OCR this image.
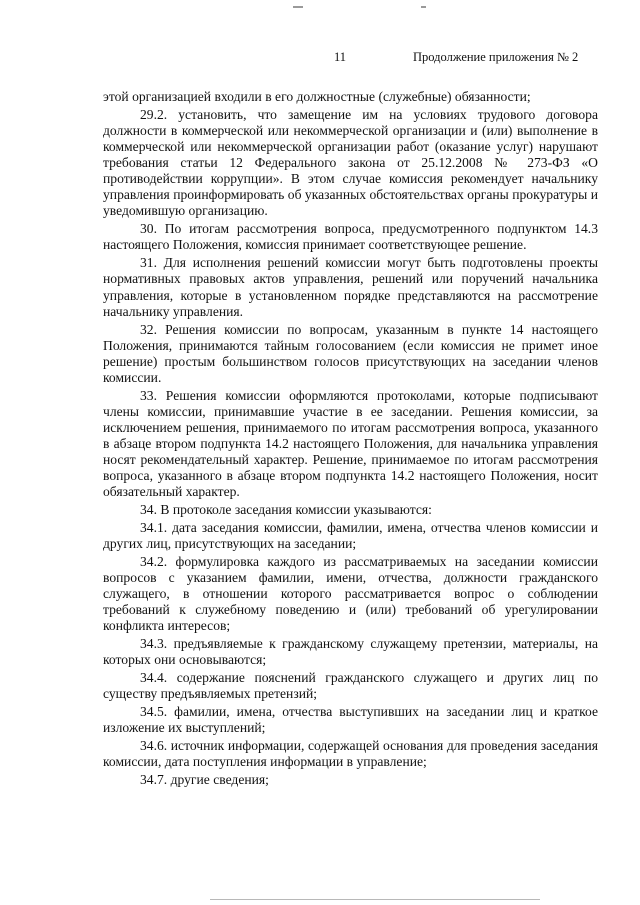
11	Продолжение приложения № 2

этой организацией входили в его должностные (служебные) обязанности;

29.2. установить, что замещение им на условиях трудового договора должности в коммерческой или некоммерческой организации и (или) выполнение в коммерческой или некоммерческой организации работ (оказание услуг) нарушают требования статьи 12 Федерального закона от 25.12.2008 № 273-ФЗ «О противодействии коррупции». В этом случае комиссия рекомендует начальнику управления проинформировать об указанных обстоятельствах органы прокуратуры и уведомившую организацию.

30. По итогам рассмотрения вопроса, предусмотренного подпунктом 14.3 настоящего Положения, комиссия принимает соответствующее решение.

31. Для исполнения решений комиссии могут быть подготовлены проекты нормативных правовых актов управления, решений или поручений начальника управления, которые в установленном порядке представляются на рассмотрение начальнику управления.

32. Решения комиссии по вопросам, указанным в пункте 14 настоящего Положения, принимаются тайным голосованием (если комиссия не примет иное решение) простым большинством голосов присутствующих на заседании членов комиссии.

33. Решения комиссии оформляются протоколами, которые подписывают члены комиссии, принимавшие участие в ее заседании. Решения комиссии, за исключением решения, принимаемого по итогам рассмотрения вопроса, указанного в абзаце втором подпункта 14.2 настоящего Положения, для начальника управления носят рекомендательный характер. Решение, принимаемое по итогам рассмотрения вопроса, указанного в абзаце втором подпункта 14.2 настоящего Положения, носит обязательный характер.

34. В протоколе заседания комиссии указываются:

34.1. дата заседания комиссии, фамилии, имена, отчества членов комиссии и других лиц, присутствующих на заседании;

34.2. формулировка каждого из рассматриваемых на заседании комиссии вопросов с указанием фамилии, имени, отчества, должности гражданского служащего, в отношении которого рассматривается вопрос о соблюдении требований к служебному поведению и (или) требований об урегулировании конфликта интересов;

34.3. предъявляемые к гражданскому служащему претензии, материалы, на которых они основываются;

34.4. содержание пояснений гражданского служащего и других лиц по существу предъявляемых претензий;

34.5. фамилии, имена, отчества выступивших на заседании лиц и краткое изложение их выступлений;

34.6. источник информации, содержащей основания для проведения заседания комиссии, дата поступления информации в управление;

34.7. другие сведения;
